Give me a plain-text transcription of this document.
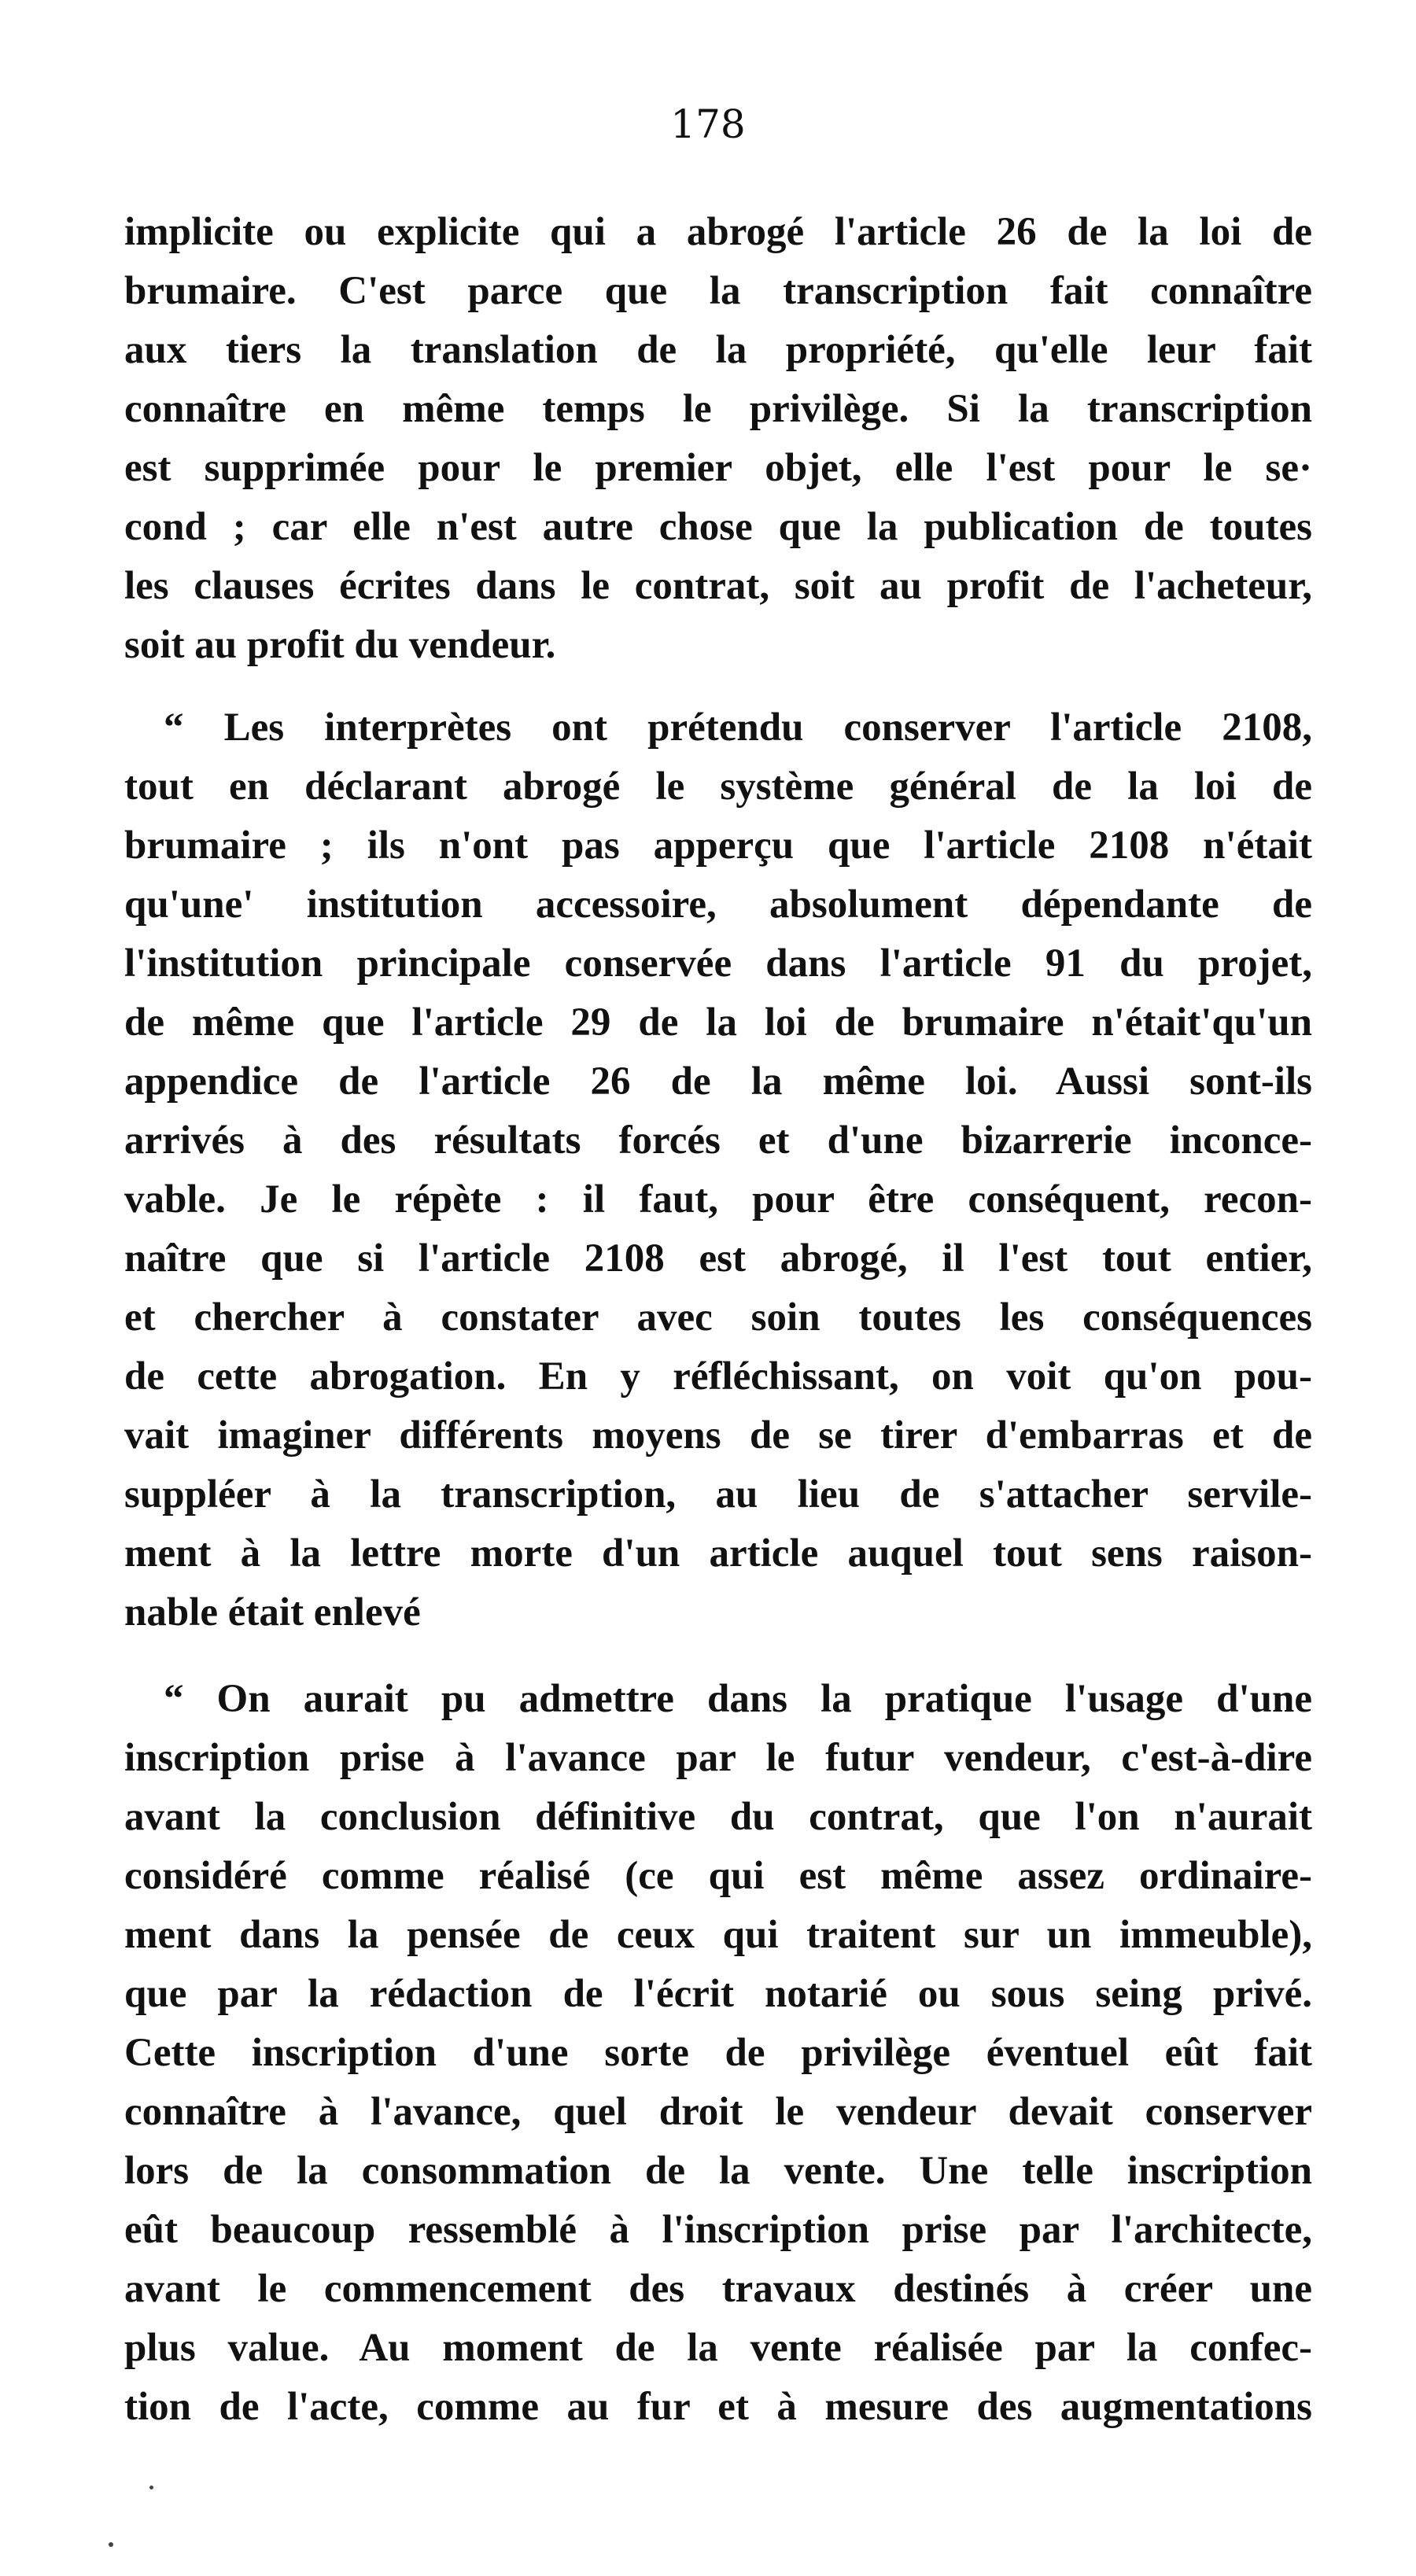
178
implicite ou explicite qui a abrogé l'article 26 de la loi de
brumaire. C'est parce que la transcription fait connaître
aux tiers la translation de la propriété, qu'elle leur fait
connaître en même temps le privilège. Si la transcription
est supprimée pour le premier objet, elle l'est pour le se·
cond ; car elle n'est autre chose que la publication de toutes
les clauses écrites dans le contrat, soit au profit de l'acheteur,
soit au profit du vendeur.
“ Les interprètes ont prétendu conserver l'article 2108,
tout en déclarant abrogé le système général de la loi de
brumaire ; ils n'ont pas apperçu que l'article 2108 n'était
qu'une' institution accessoire, absolument dépendante de
l'institution principale conservée dans l'article 91 du projet,
de même que l'article 29 de la loi de brumaire n'était'qu'un
appendice de l'article 26 de la même loi. Aussi sont-ils
arrivés à des résultats forcés et d'une bizarrerie inconce-
vable. Je le répète : il faut, pour être conséquent, recon-
naître que si l'article 2108 est abrogé, il l'est tout entier,
et chercher à constater avec soin toutes les conséquences
de cette abrogation. En y réfléchissant, on voit qu'on pou-
vait imaginer différents moyens de se tirer d'embarras et de
suppléer à la transcription, au lieu de s'attacher servile-
ment à la lettre morte d'un article auquel tout sens raison-
nable était enlevé
“ On aurait pu admettre dans la pratique l'usage d'une
inscription prise à l'avance par le futur vendeur, c'est-à-dire
avant la conclusion définitive du contrat, que l'on n'aurait
considéré comme réalisé (ce qui est même assez ordinaire-
ment dans la pensée de ceux qui traitent sur un immeuble),
que par la rédaction de l'écrit notarié ou sous seing privé.
Cette inscription d'une sorte de privilège éventuel eût fait
connaître à l'avance, quel droit le vendeur devait conserver
lors de la consommation de la vente. Une telle inscription
eût beaucoup ressemblé à l'inscription prise par l'architecte,
avant le commencement des travaux destinés à créer une
plus value. Au moment de la vente réalisée par la confec-
tion de l'acte, comme au fur et à mesure des augmentations
